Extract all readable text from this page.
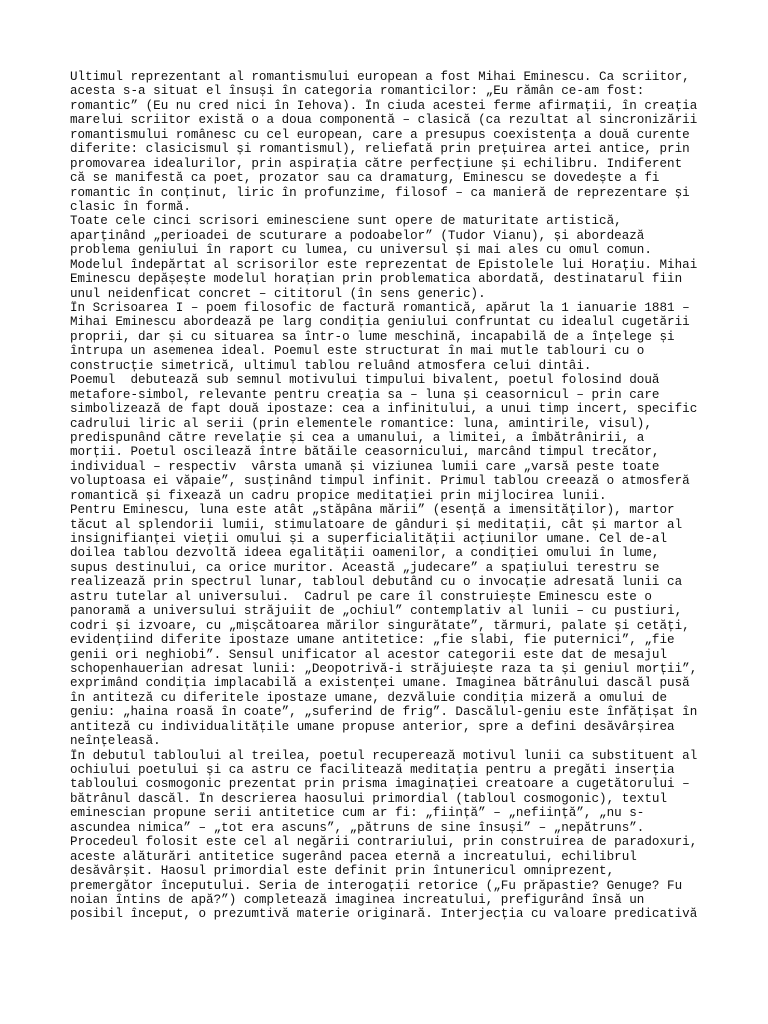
Ultimul reprezentant al romantismului european a fost Mihai Eminescu. Ca scriitor,
acesta s-a situat el însuși în categoria romanticilor: „Eu rămân ce-am fost:
romantic” (Eu nu cred nici în Iehova). În ciuda acestei ferme afirmații, în creația
marelui scriitor există o a doua componentă – clasică (ca rezultat al sincronizării
romantismului românesc cu cel european, care a presupus coexistența a două curente
diferite: clasicismul și romantismul), reliefată prin prețuirea artei antice, prin
promovarea idealurilor, prin aspirația către perfecțiune și echilibru. Indiferent
că se manifestă ca poet, prozator sau ca dramaturg, Eminescu se dovedește a fi
romantic în conținut, liric în profunzime, filosof – ca manieră de reprezentare și
clasic în formă.
Toate cele cinci scrisori eminesciene sunt opere de maturitate artistică,
aparținând „perioadei de scuturare a podoabelor” (Tudor Vianu), și abordează
problema geniului în raport cu lumea, cu universul și mai ales cu omul comun.
Modelul îndepărtat al scrisorilor este reprezentat de Epistolele lui Horațiu. Mihai
Eminescu depășește modelul horațian prin problematica abordată, destinatarul fiin
unul neidenficat concret – cititorul (în sens generic).
În Scrisoarea I – poem filosofic de factură romantică, apărut la 1 ianuarie 1881 –
Mihai Eminescu abordează pe larg condiția geniului confruntat cu idealul cugetării
proprii, dar și cu situarea sa într-o lume meschină, incapabilă de a înțelege și
întrupa un asemenea ideal. Poemul este structurat în mai mutle tablouri cu o
construcție simetrică, ultimul tablou reluând atmosfera celui dintâi.
Poemul  debutează sub semnul motivului timpului bivalent, poetul folosind două
metafore-simbol, relevante pentru creația sa – luna și ceasornicul – prin care
simbolizează de fapt două ipostaze: cea a infinitului, a unui timp incert, specific
cadrului liric al serii (prin elementele romantice: luna, amintirile, visul),
predispunând către revelație și cea a umanului, a limitei, a îmbătrânirii, a
morții. Poetul oscilează între bătăile ceasornicului, marcând timpul trecător,
individual – respectiv  vârsta umană și viziunea lumii care „varsă peste toate
voluptoasa ei văpaie”, susținând timpul infinit. Primul tablou creează o atmosferă
romantică și fixează un cadru propice meditației prin mijlocirea lunii.
Pentru Eminescu, luna este atât „stăpâna mării” (esență a imensităților), martor
tăcut al splendorii lumii, stimulatoare de gânduri și meditații, cât și martor al
insignifianței vieții omului și a superficialității acțiunilor umane. Cel de-al
doilea tablou dezvoltă ideea egalității oamenilor, a condiției omului în lume,
supus destinului, ca orice muritor. Această „judecare” a spațiului terestru se
realizează prin spectrul lunar, tabloul debutând cu o invocație adresată lunii ca
astru tutelar al universului.  Cadrul pe care îl construiește Eminescu este o
panoramă a universului străjuiit de „ochiul” contemplativ al lunii – cu pustiuri,
codri și izvoare, cu „mișcătoarea mărilor singurătate”, tărmuri, palate și cetăți,
evidențiind diferite ipostaze umane antitetice: „fie slabi, fie puternici”, „fie
genii ori neghiobi”. Sensul unificator al acestor categorii este dat de mesajul
schopenhauerian adresat lunii: „Deopotrivă-i străjuiește raza ta și geniul morții”,
exprimând condiția implacabilă a existenței umane. Imaginea bătrânului dascăl pusă
în antiteză cu diferitele ipostaze umane, dezvăluie condiția mizeră a omului de
geniu: „haina roasă în coate”, „suferind de frig”. Dascălul-geniu este înfățișat în
antiteză cu individualitățile umane propuse anterior, spre a defini desăvârșirea
neînțeleasă.
În debutul tabloului al treilea, poetul recuperează motivul lunii ca substituent al
ochiului poetului și ca astru ce facilitează meditația pentru a pregăti inserția
tabloului cosmogonic prezentat prin prisma imaginației creatoare a cugetătorului –
bătrânul dascăl. În descrierea haosului primordial (tabloul cosmogonic), textul
eminescian propune serii antitetice cum ar fi: „ființă” – „neființă”, „nu s-
ascundea nimica” – „tot era ascuns”, „pătruns de sine însuși” – „nepătruns”.
Procedeul folosit este cel al negării contrariului, prin construirea de paradoxuri,
aceste alăturări antitetice sugerând pacea eternă a increatului, echilibrul
desăvârșit. Haosul primordial este definit prin întunericul omniprezent,
premergător începutului. Seria de interogații retorice („Fu prăpastie? Genuge? Fu
noian întins de apă?”) completează imaginea increatului, prefigurând însă un
posibil început, o prezumtivă materie originară. Interjecția cu valoare predicativă
